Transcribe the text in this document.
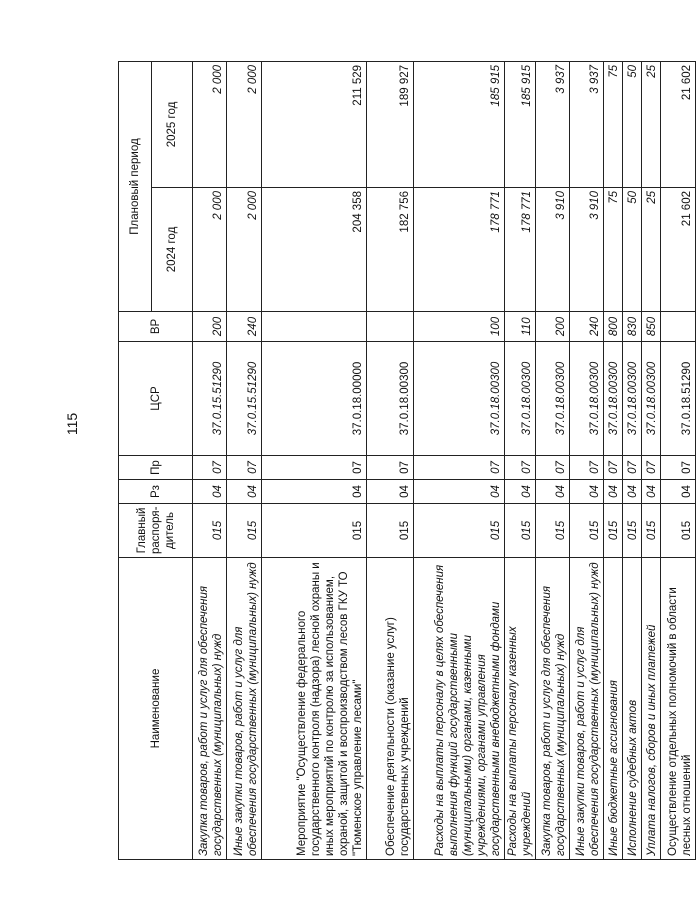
115
Наименование	Главный распоря-дитель	Рз	Пр	ЦСР	ВР	Плановый период	
						2024 год	2025 год
Закупка товаров, работ и услуг для обеспечения государственных (муниципальных) нужд	015	04	07	37.0.15.51290	200	2 000	2 000
Иные закупки товаров, работ и услуг для обеспечения государственных (муниципальных) нужд	015	04	07	37.0.15.51290	240	2 000	2 000
Мероприятие "Осуществление федерального государственного контроля (надзора) лесной охраны и иных мероприятий по контролю за использованием, охраной, защитой и воспроизводством лесов ГКУ ТО "Тюменское управление лесами"	015	04	07	37.0.18.00000		204 358	211 529
Обеспечение деятельности (оказание услуг) государственных учреждений	015	04	07	37.0.18.00300		182 756	189 927
Расходы на выплаты персоналу в целях обеспечения выполнения функций государственными (муниципальными) органами, казенными учреждениями, органами управления государственными внебюджетными фондами	015	04	07	37.0.18.00300	100	178 771	185 915
Расходы на выплаты персоналу казенных учреждений	015	04	07	37.0.18.00300	110	178 771	185 915
Закупка товаров, работ и услуг для обеспечения государственных (муниципальных) нужд	015	04	07	37.0.18.00300	200	3 910	3 937
Иные закупки товаров, работ и услуг для обеспечения государственных (муниципальных) нужд	015	04	07	37.0.18.00300	240	3 910	3 937
Иные бюджетные ассигнования	015	04	07	37.0.18.00300	800	75	75
Исполнение судебных актов	015	04	07	37.0.18.00300	830	50	50
Уплата налогов, сборов и иных платежей	015	04	07	37.0.18.00300	850	25	25
Осуществление отдельных полномочий в области лесных отношений	015	04	07	37.0.18.51290		21 602	21 602
